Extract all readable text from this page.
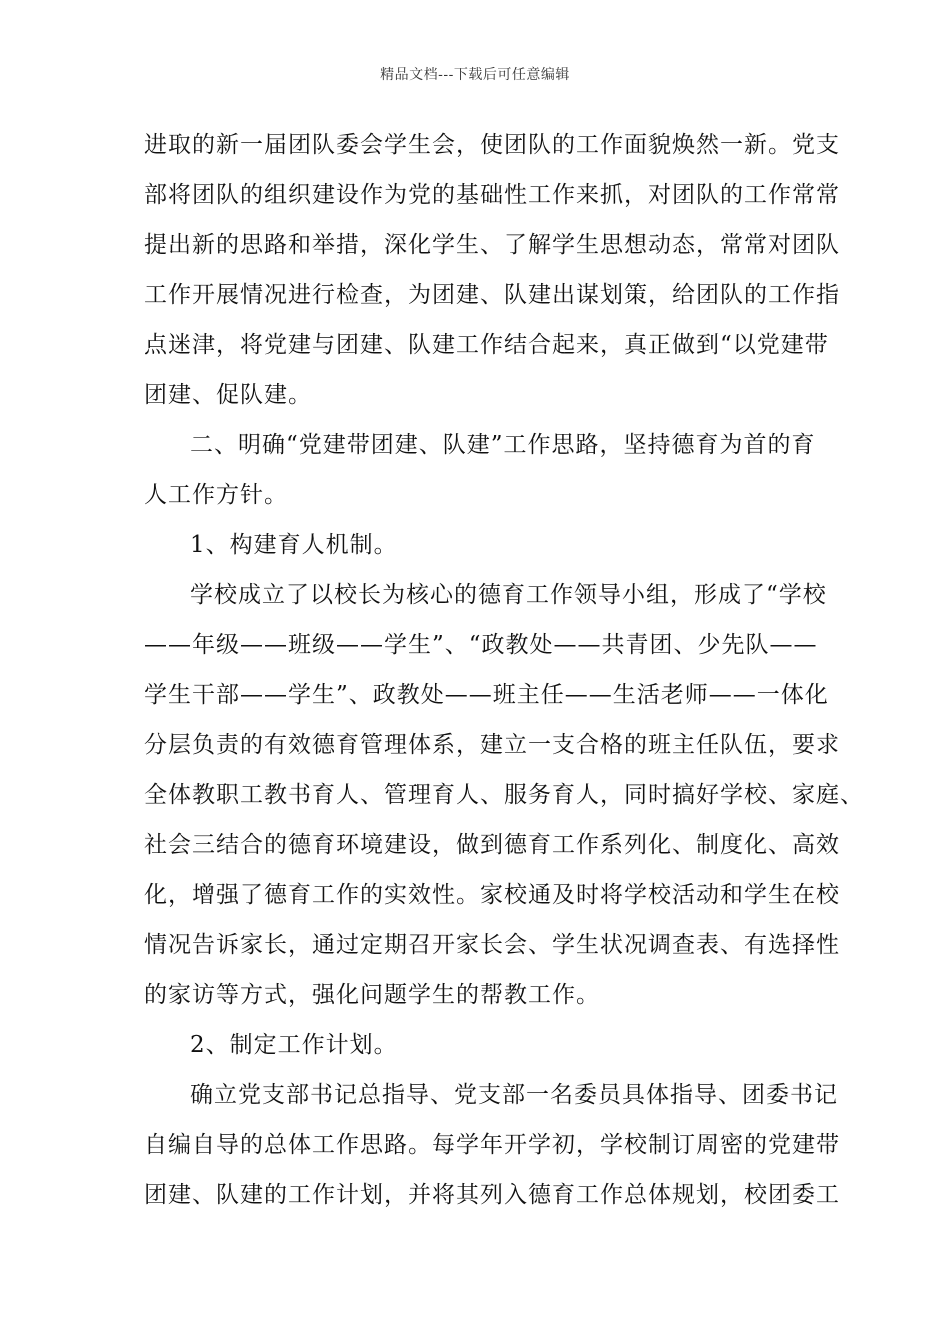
精品文档---下载后可任意编辑
进取的新一届团队委会学生会，使团队的工作面貌焕然一新。党支
部将团队的组织建设作为党的基础性工作来抓，对团队的工作常常
提出新的思路和举措，深化学生、了解学生思想动态，常常对团队
工作开展情况进行检查，为团建、队建出谋划策，给团队的工作指
点迷津，将党建与团建、队建工作结合起来，真正做到“以党建带
团建、促队建。
二、明确“党建带团建、队建”工作思路，坚持德育为首的育
人工作方针。
1、构建育人机制。
学校成立了以校长为核心的德育工作领导小组，形成了“学校
——年级——班级——学生”、“政教处——共青团、少先队——
学生干部——学生”、政教处——班主任——生活老师——一体化
分层负责的有效德育管理体系，建立一支合格的班主任队伍，要求
全体教职工教书育人、管理育人、服务育人，同时搞好学校、家庭、
社会三结合的德育环境建设，做到德育工作系列化、制度化、高效
化，增强了德育工作的实效性。家校通及时将学校活动和学生在校
情况告诉家长，通过定期召开家长会、学生状况调查表、有选择性
的家访等方式，强化问题学生的帮教工作。
2、制定工作计划。
确立党支部书记总指导、党支部一名委员具体指导、团委书记
自编自导的总体工作思路。每学年开学初，学校制订周密的党建带
团建、队建的工作计划，并将其列入德育工作总体规划，校团委工
